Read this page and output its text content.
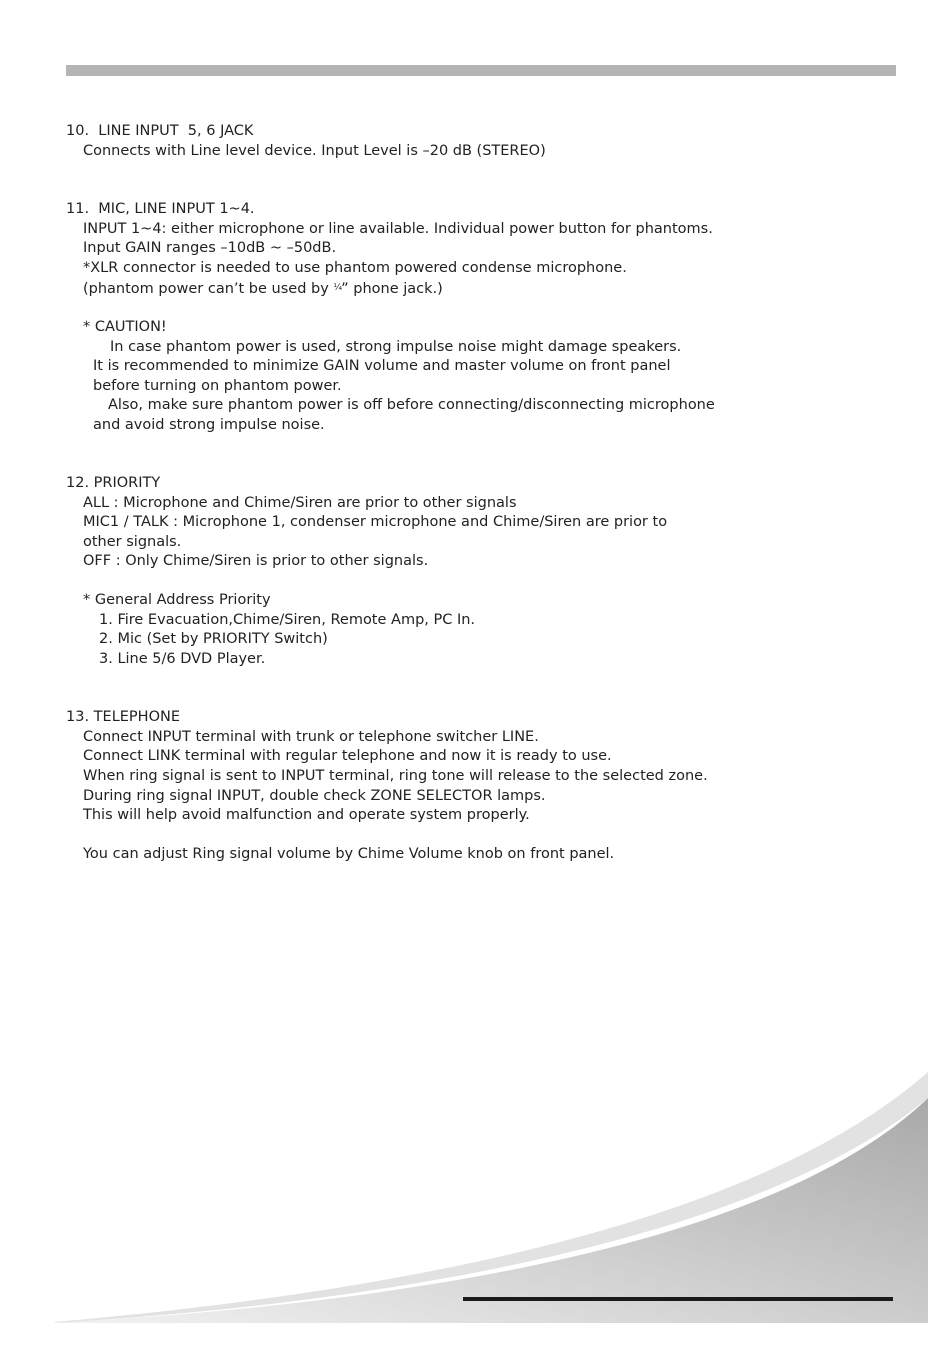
10.  LINE INPUT  5, 6 JACK
Connects with Line level device. Input Level is –20 dB (STEREO)
11.  MIC, LINE INPUT 1~4.
INPUT 1~4: either microphone or line available. Individual power button for phantoms.
Input GAIN ranges –10dB ~ –50dB.
*XLR connector is needed to use phantom powered condense microphone.
(phantom power can’t be used by $^{\frac{1}{4}}$” phone jack.)
* CAUTION!
In case phantom power is used, strong impulse noise might damage speakers.
It is recommended to minimize GAIN volume and master volume on front panel
before turning on phantom power.
Also, make sure phantom power is off before connecting/disconnecting microphone
and avoid strong impulse noise.
12. PRIORITY
ALL : Microphone and Chime/Siren are prior to other signals
MIC1 / TALK : Microphone 1, condenser microphone and Chime/Siren are prior to
other signals.
OFF : Only Chime/Siren is prior to other signals.
* General Address Priority
1. Fire Evacuation,Chime/Siren, Remote Amp, PC In.
2. Mic (Set by PRIORITY Switch)
3. Line 5/6 DVD Player.
13. TELEPHONE
Connect INPUT terminal with trunk or telephone switcher LINE.
Connect LINK terminal with regular telephone and now it is ready to use.
When ring signal is sent to INPUT terminal, ring tone will release to the selected zone.
During ring signal INPUT, double check ZONE SELECTOR lamps.
This will help avoid malfunction and operate system properly.
You can adjust Ring signal volume by Chime Volume knob on front panel.
